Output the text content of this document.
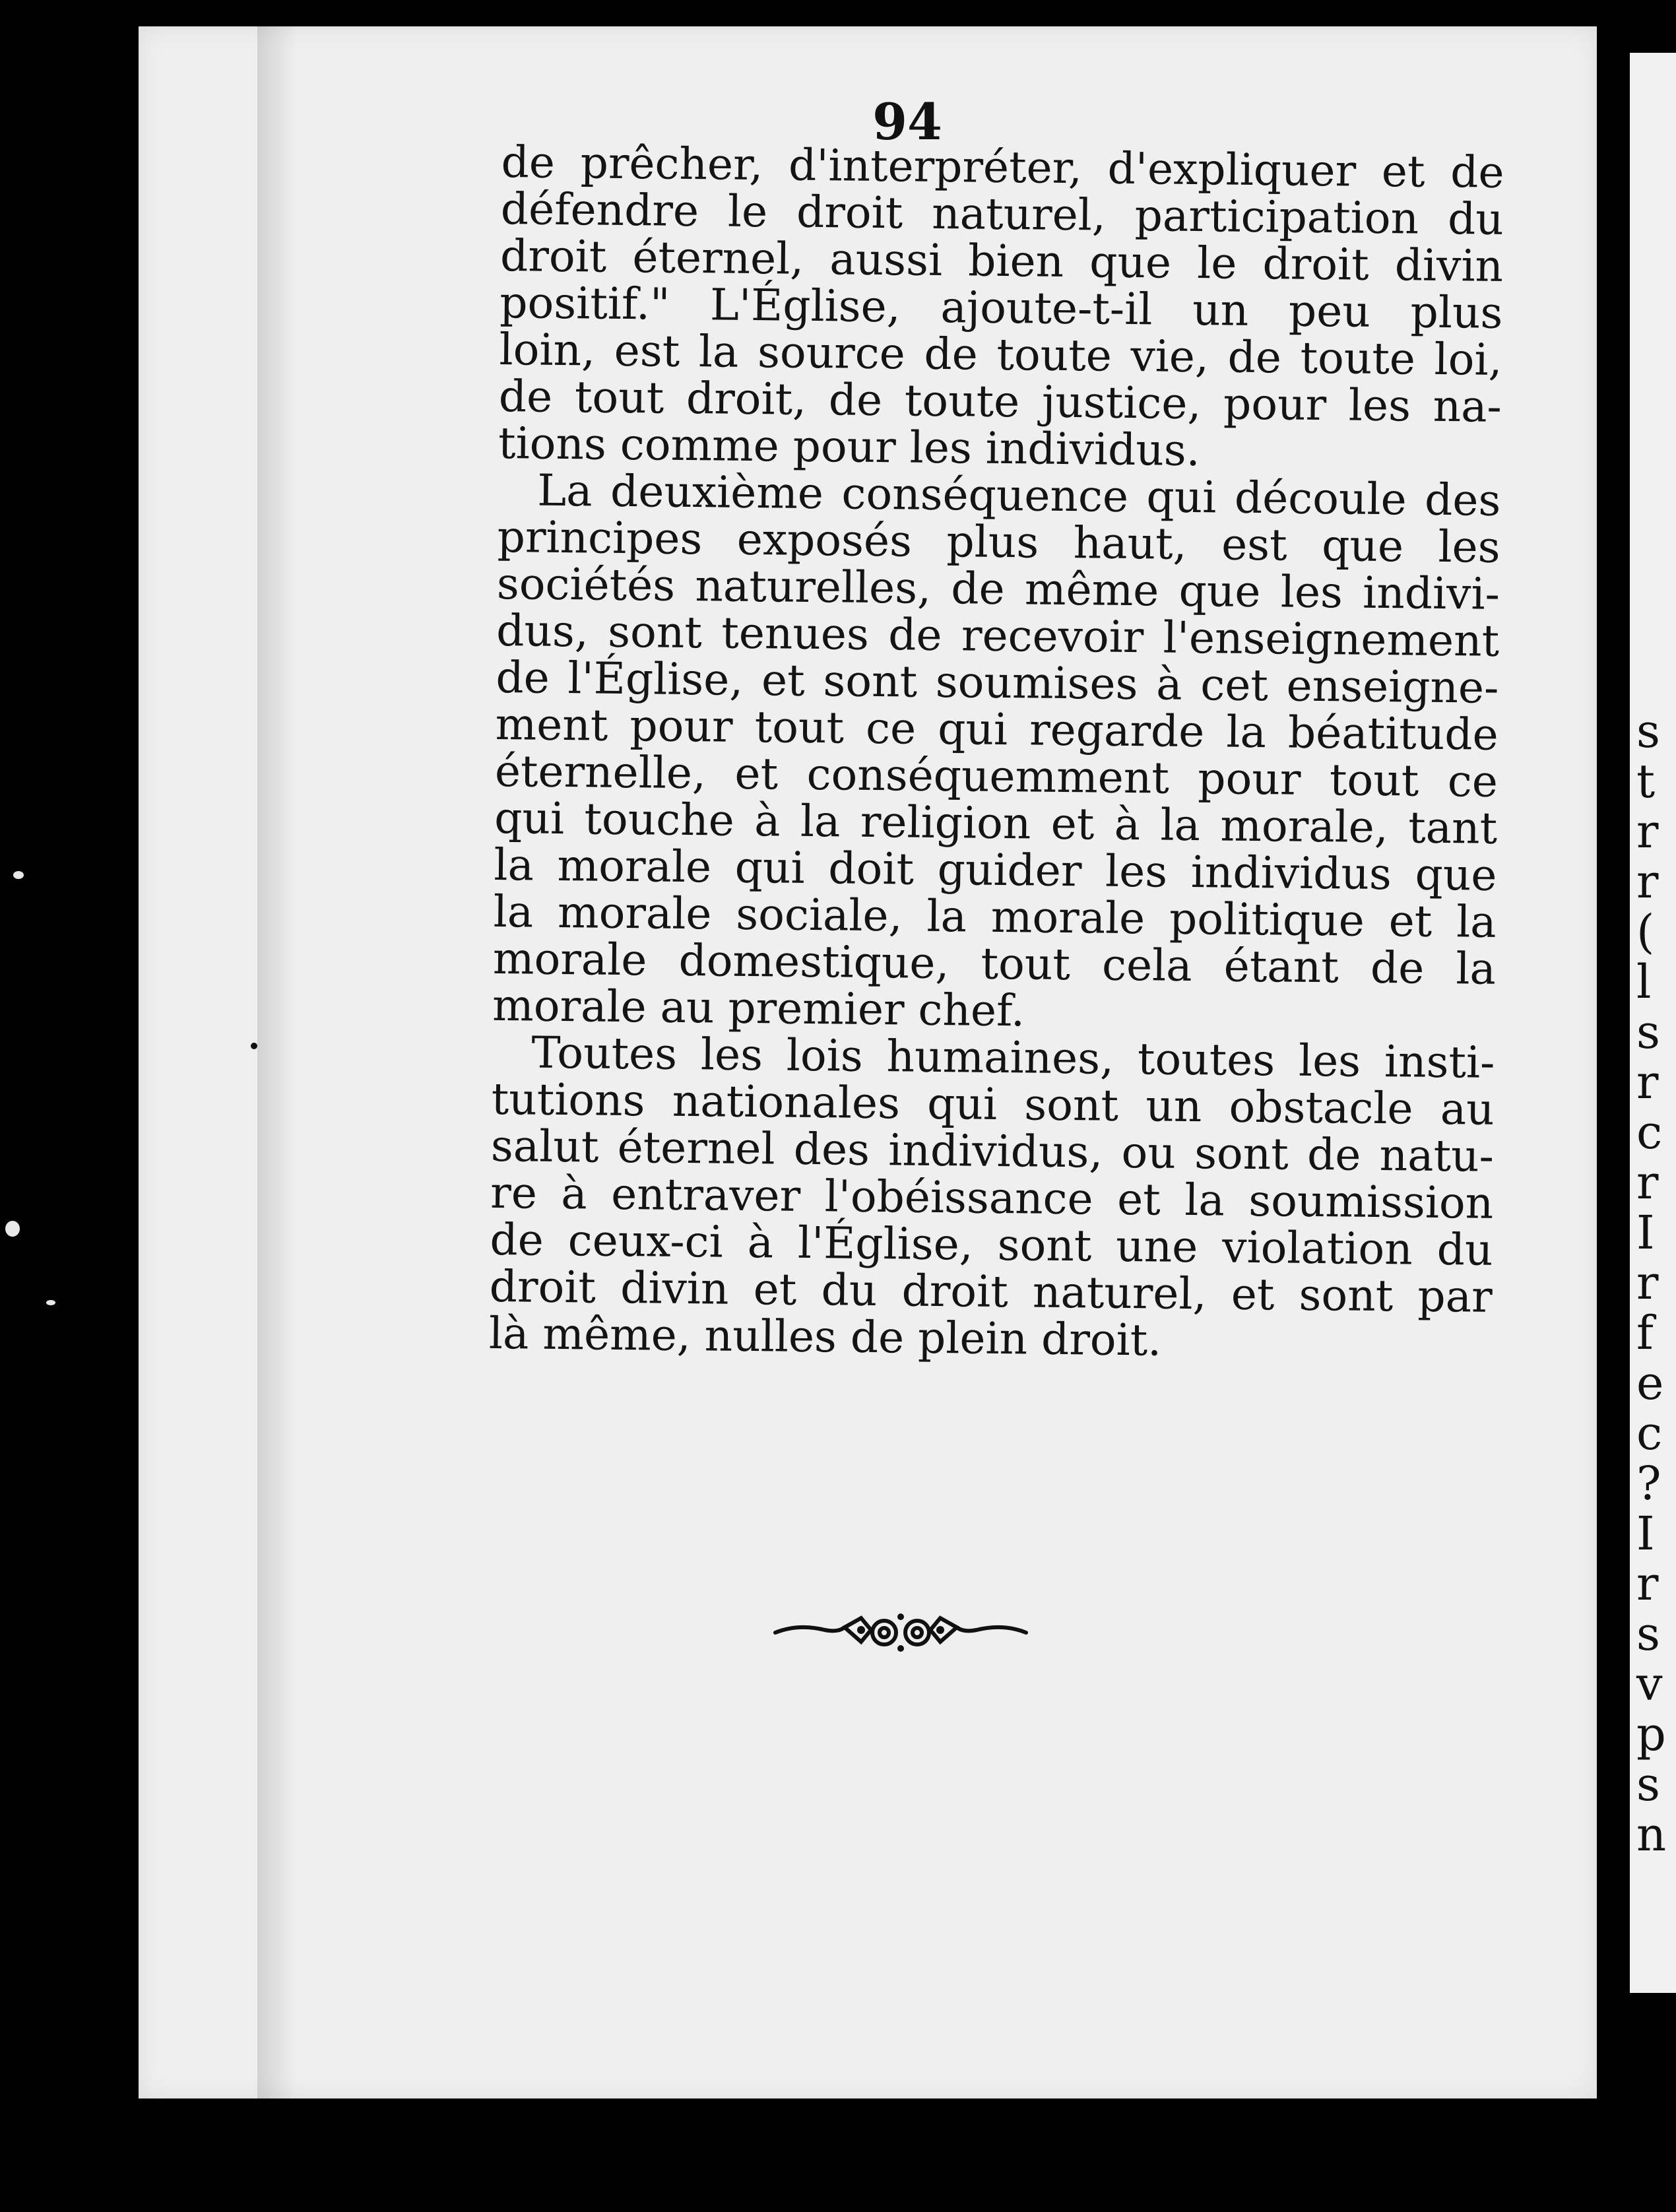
94

de prêcher, d'interpréter, d'expliquer et de
défendre le droit naturel, participation du
droit éternel, aussi bien que le droit divin
positif." L'Église, ajoute-t-il un peu plus
loin, est la source de toute vie, de toute loi,
de tout droit, de toute justice, pour les na-
tions comme pour les individus.

La deuxième conséquence qui découle des
principes exposés plus haut, est que les
sociétés naturelles, de même que les indivi-
dus, sont tenues de recevoir l'enseignement
de l'Église, et sont soumises à cet enseigne-
ment pour tout ce qui regarde la béatitude
éternelle, et conséquemment pour tout ce
qui touche à la religion et à la morale, tant
la morale qui doit guider les individus que
la morale sociale, la morale politique et la
morale domestique, tout cela étant de la
morale au premier chef.

Toutes les lois humaines, toutes les insti-
tutions nationales qui sont un obstacle au
salut éternel des individus, ou sont de natu-
re à entraver l'obéissance et la soumission
de ceux-ci à l'Église, sont une violation du
droit divin et du droit naturel, et sont par
là même, nulles de plein droit.

s
t
r
r
(
l
s
r
c
r
I
r
f
e
c
?
I
r
s
v
p
s
n
